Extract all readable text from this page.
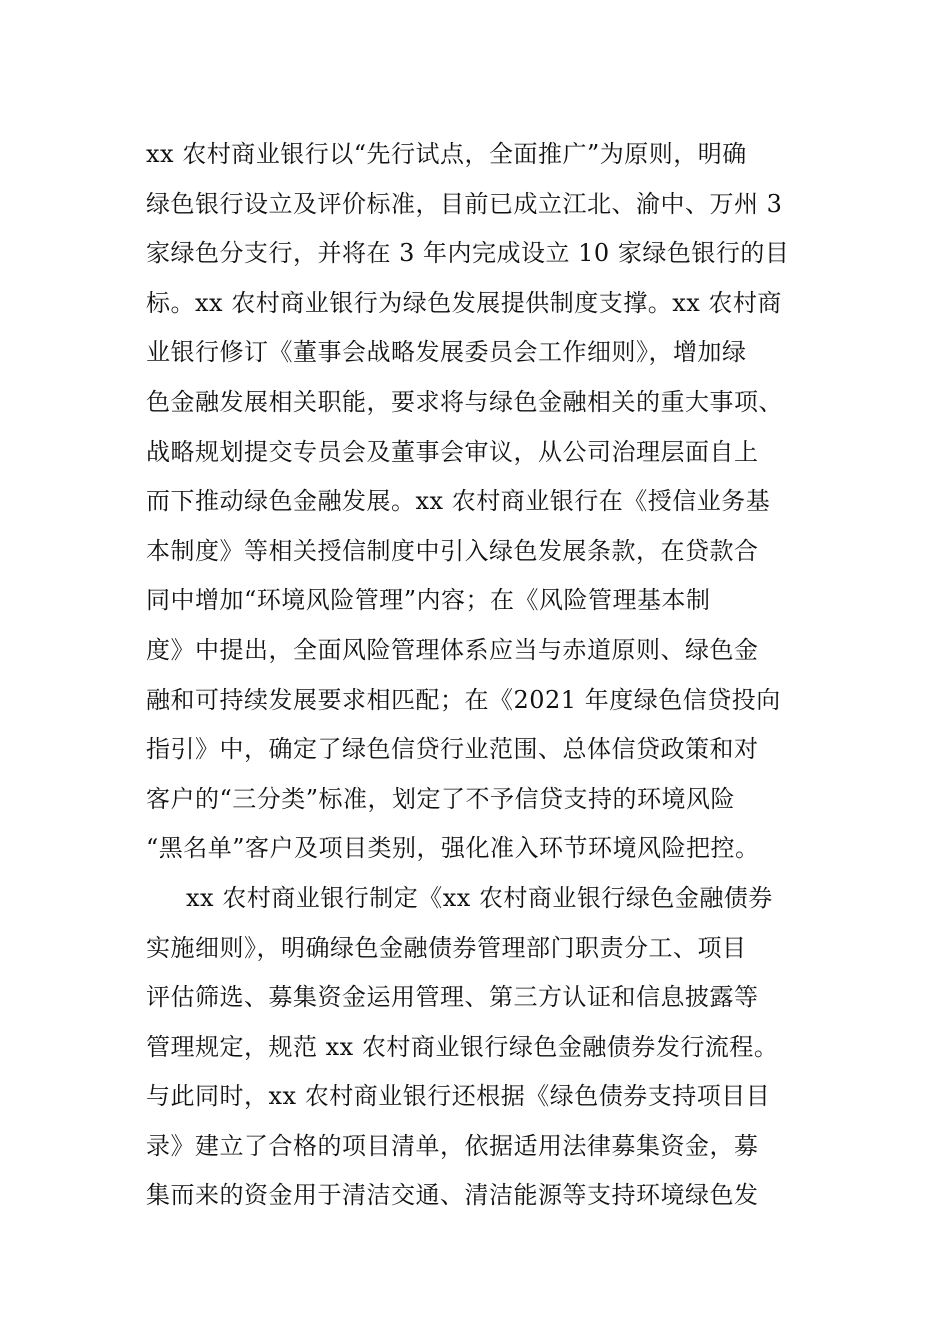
xx 农村商业银行以“先行试点，全面推广”为原则，明确
绿色银行设立及评价标准，目前已成立江北、渝中、万州 3
家绿色分支行，并将在 3 年内完成设立 10 家绿色银行的目
标。xx 农村商业银行为绿色发展提供制度支撑。xx 农村商
业银行修订《董事会战略发展委员会工作细则》，增加绿
色金融发展相关职能，要求将与绿色金融相关的重大事项、
战略规划提交专员会及董事会审议，从公司治理层面自上
而下推动绿色金融发展。xx 农村商业银行在《授信业务基
本制度》等相关授信制度中引入绿色发展条款，在贷款合
同中增加“环境风险管理”内容；在《风险管理基本制
度》中提出，全面风险管理体系应当与赤道原则、绿色金
融和可持续发展要求相匹配；在《2021 年度绿色信贷投向
指引》中，确定了绿色信贷行业范围、总体信贷政策和对
客户的“三分类”标准，划定了不予信贷支持的环境风险
“黑名单”客户及项目类别，强化准入环节环境风险把控。
xx 农村商业银行制定《xx 农村商业银行绿色金融债券
实施细则》，明确绿色金融债券管理部门职责分工、项目
评估筛选、募集资金运用管理、第三方认证和信息披露等
管理规定，规范 xx 农村商业银行绿色金融债券发行流程。
与此同时，xx 农村商业银行还根据《绿色债券支持项目目
录》建立了合格的项目清单，依据适用法律募集资金，募
集而来的资金用于清洁交通、清洁能源等支持环境绿色发
